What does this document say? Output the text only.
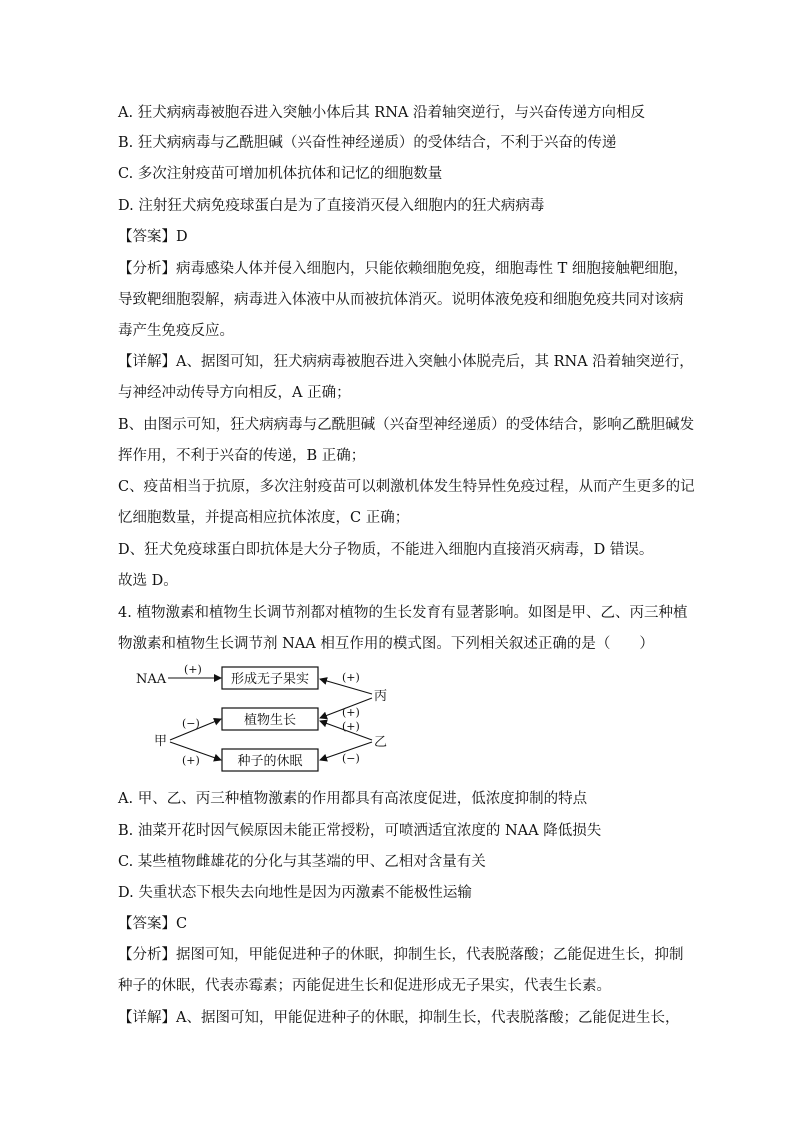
A. 狂犬病病毒被胞吞进入突触小体后其 RNA 沿着轴突逆行，与兴奋传递方向相反
B. 狂犬病病毒与乙酰胆碱（兴奋性神经递质）的受体结合，不利于兴奋的传递
C. 多次注射疫苗可增加机体抗体和记忆的细胞数量
D. 注射狂犬病免疫球蛋白是为了直接消灭侵入细胞内的狂犬病病毒
【答案】D
【分析】病毒感染人体并侵入细胞内，只能依赖细胞免疫，细胞毒性 T 细胞接触靶细胞，
导致靶细胞裂解，病毒进入体液中从而被抗体消灭。说明体液免疫和细胞免疫共同对该病
毒产生免疫反应。
【详解】A、据图可知，狂犬病病毒被胞吞进入突触小体脱壳后，其 RNA 沿着轴突逆行，
与神经冲动传导方向相反，A 正确；
B、由图示可知，狂犬病病毒与乙酰胆碱（兴奋型神经递质）的受体结合，影响乙酰胆碱发
挥作用，不利于兴奋的传递，B 正确；
C、疫苗相当于抗原，多次注射疫苗可以刺激机体发生特异性免疫过程，从而产生更多的记
忆细胞数量，并提高相应抗体浓度，C 正确；
D、狂犬免疫球蛋白即抗体是大分子物质，不能进入细胞内直接消灭病毒，D 错误。
故选 D。
4. 植物激素和植物生长调节剂都对植物的生长发育有显著影响。如图是甲、乙、丙三种植
物激素和植物生长调节剂 NAA 相互作用的模式图。下列相关叙述正确的是（　　）
形成无子果实
植物生长
种子的休眠
NAA
丙
甲	乙
(+)
(+)
(+)
(+)
(−)
(+)	(−)
A. 甲、乙、丙三种植物激素的作用都具有高浓度促进，低浓度抑制的特点
B. 油菜开花时因气候原因未能正常授粉，可喷洒适宜浓度的 NAA 降低损失
C. 某些植物雌雄花的分化与其茎端的甲、乙相对含量有关
D. 失重状态下根失去向地性是因为丙激素不能极性运输
【答案】C
【分析】据图可知，甲能促进种子的休眠，抑制生长，代表脱落酸；乙能促进生长，抑制
种子的休眠，代表赤霉素；丙能促进生长和促进形成无子果实，代表生长素。
【详解】A、据图可知，甲能促进种子的休眠，抑制生长，代表脱落酸；乙能促进生长，
